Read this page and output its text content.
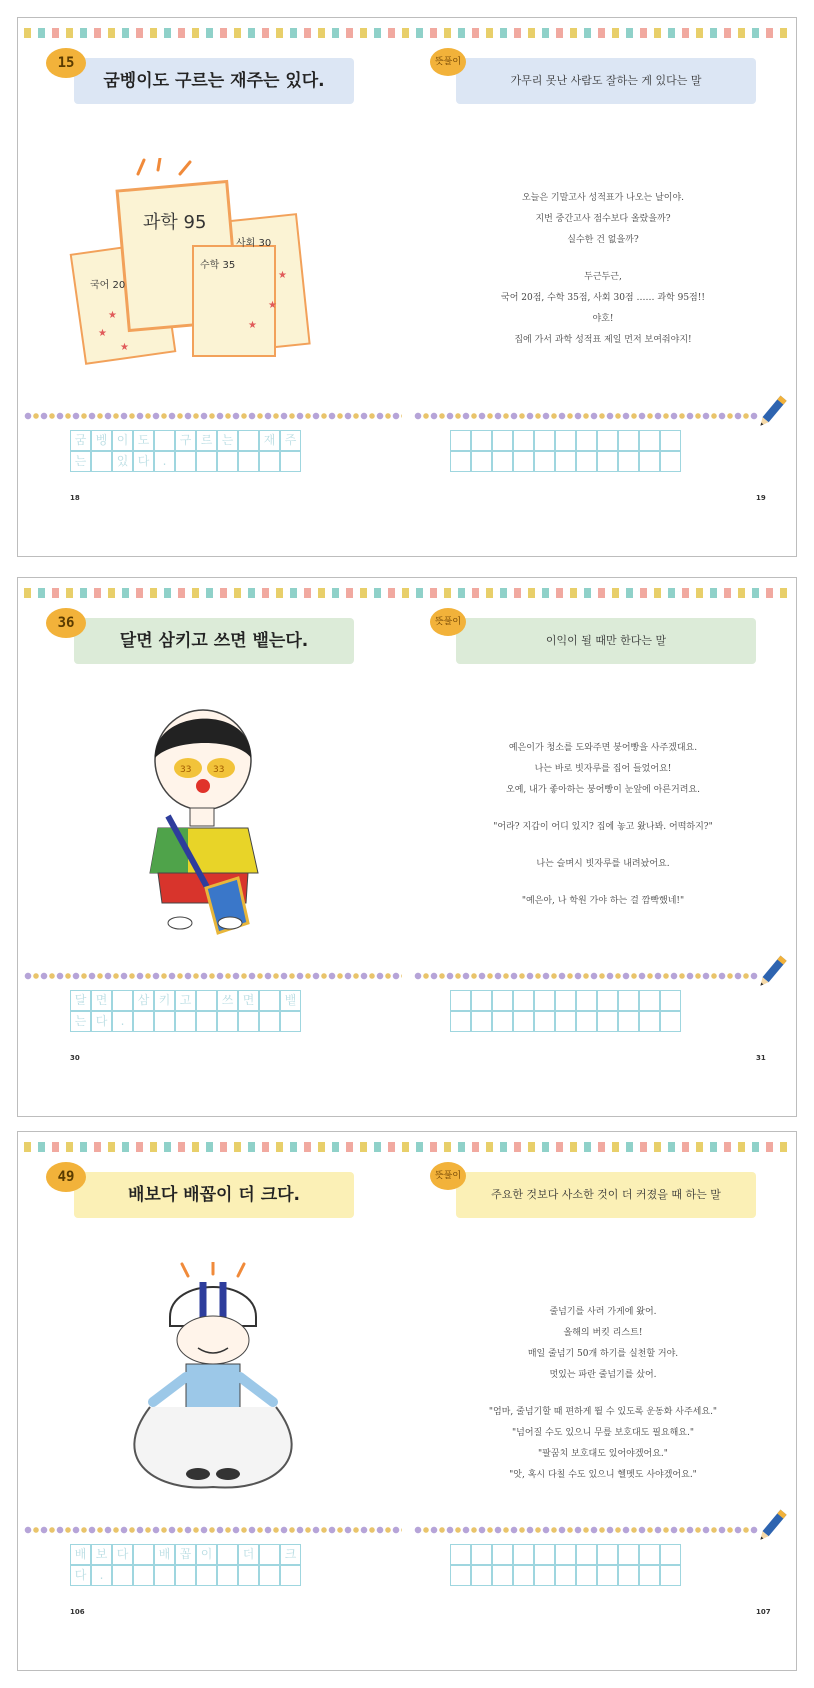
굼벵이도 구르는 재주는 있다.
15
과학 95
사회 30
국어 20
수학 35
★
★
★
★
★
★
굼 벵 이 도	구 르 는	재 주
는	있 다	.
18
가무리 못난 사람도 잘하는 게 있다는 말
뜻풀이

오늘은 기말고사 성적표가 나오는 날이야.

지번 중간고사 점수보다 올랐을까?

실수한 건 없을까?

두근두근,

국어 20점, 수학 35점, 사회 30점 …… 과학 95점!!

야호!

집에 가서 과학 성적표 제일 먼저 보여줘야지!

19
달면 삼키고 쓰면 뱉는다.
36
33 33
달 면	삼 키 고	쓰 면	뱉
는 다	.
30
이익이 될 때만 한다는 말
뜻풀이

예은이가 청소를 도와주면 붕어빵을 사주겠대요.

나는 바로 빗자루를 집어 들었어요!

오예, 내가 좋아하는 붕어빵이 눈앞에 아른거려요.

"어라? 지갑이 어디 있지? 집에 놓고 왔나봐. 어떡하지?"

나는 슬며시 빗자루를 내려놨어요.

"예은아, 나 학원 가야 하는 걸 깜빡했네!"

31
배보다 배꼽이 더 크다.
49
배 보 다	배 꼽 이	더	크
다	.
106
주요한 것보다 사소한 것이 더 커졌을 때 하는 말
뜻풀이

줄넘기를 사러 가게에 왔어.

올해의 버킷 리스트!

매일 줄넘기 50개 하기를 실천할 거야.

멋있는 파란 줄넘기를 샀어.

"엄마, 줄넘기할 때 편하게 뛸 수 있도록 운동화 사주세요."

"넘어질 수도 있으니 무릎 보호대도 필요해요."

"팔꿈치 보호대도 있어야겠어요."

"앗, 혹시 다칠 수도 있으니 헬멧도 사야겠어요."

107
